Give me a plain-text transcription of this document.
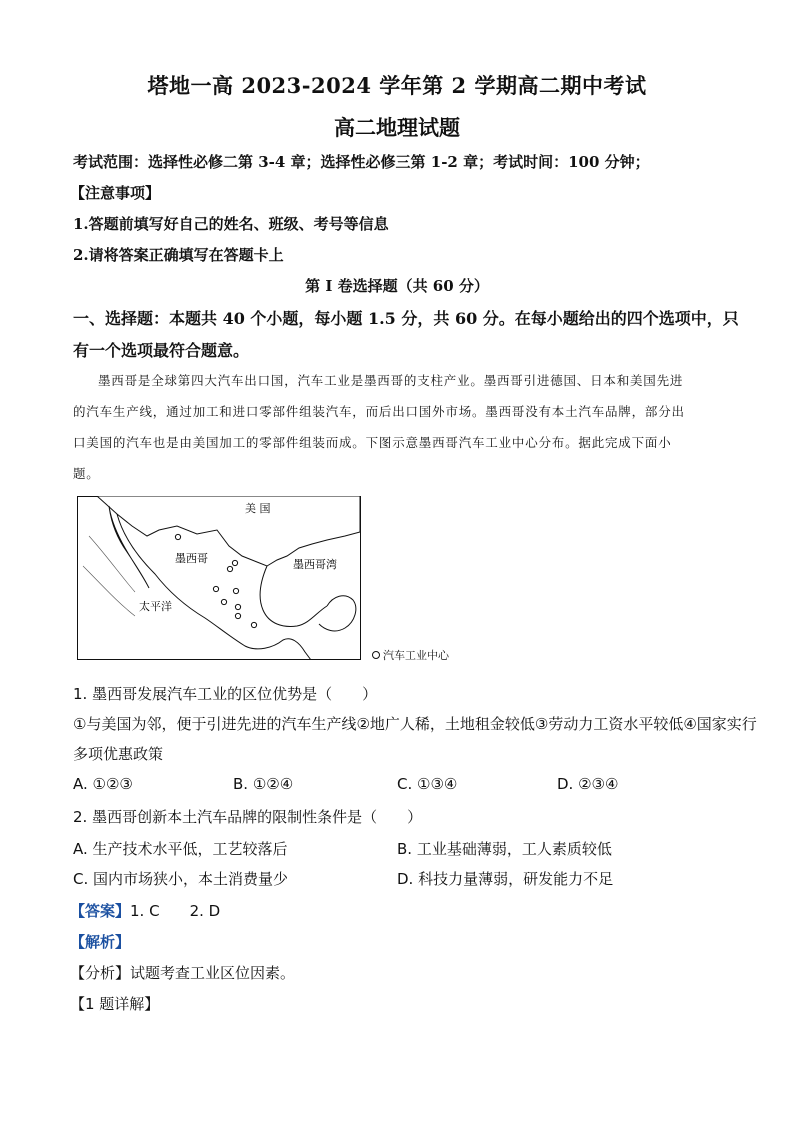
塔地一高 2023-2024 学年第 2 学期高二期中考试
高二地理试题
考试范围：选择性必修二第 3-4 章；选择性必修三第 1-2 章；考试时间：100 分钟；
【注意事项】
1.答题前填写好自己的姓名、班级、考号等信息
2.请将答案正确填写在答题卡上
第 I 卷选择题（共 60 分）
一、选择题：本题共 40 个小题，每小题 1.5 分，共 60 分。在每小题给出的四个选项中，只
有一个选项最符合题意。
墨西哥是全球第四大汽车出口国，汽车工业是墨西哥的支柱产业。墨西哥引进德国、日本和美国先进
的汽车生产线，通过加工和进口零部件组装汽车，而后出口国外市场。墨西哥没有本土汽车品牌，部分出
口美国的汽车也是由美国加工的零部件组装而成。下图示意墨西哥汽车工业中心分布。据此完成下面小
题。
美 国
墨西哥	墨西哥湾
太平洋
汽车工业中心
1. 墨西哥发展汽车工业的区位优势是（　　）
①与美国为邻，便于引进先进的汽车生产线②地广人稀，土地租金较低③劳动力工资水平较低④国家实行
多项优惠政策
A. ①②③	B. ①②④	C. ①③④	D. ②③④
2. 墨西哥创新本土汽车品牌的限制性条件是（　　）
A. 生产技术水平低，工艺较落后	B. 工业基础薄弱，工人素质较低
C. 国内市场狭小，本土消费量少	D. 科技力量薄弱，研发能力不足
【答案】1. C　　2. D
【解析】
【分析】试题考查工业区位因素。
【1 题详解】
